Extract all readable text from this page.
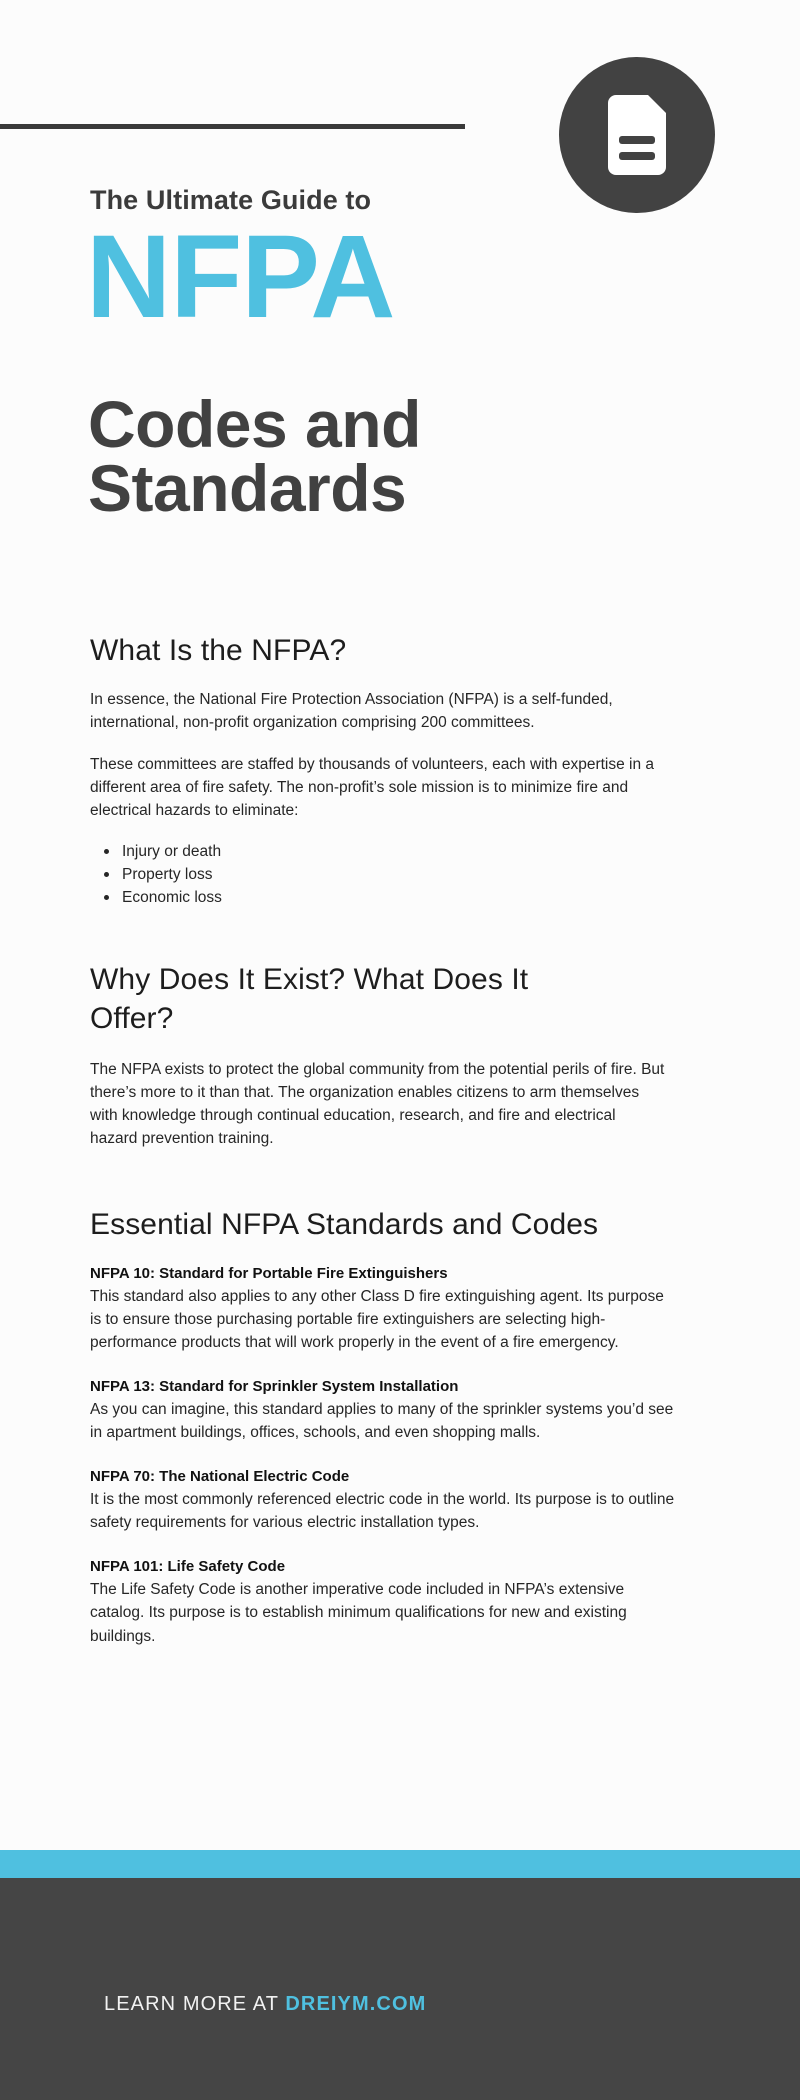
The Ultimate Guide to
NFPA
Codes and
Standards
What Is the NFPA?

In essence, the National Fire Protection Association (NFPA) is a self-funded, international, non-profit organization comprising 200 committees.

These committees are staffed by thousands of volunteers, each with expertise in a different area of fire safety. The non-profit’s sole mission is to minimize fire and electrical hazards to eliminate:

Injury or death
Property loss
Economic loss
Why Does It Exist? What Does It Offer?

The NFPA exists to protect the global community from the potential perils of fire. But there’s more to it than that. The organization enables citizens to arm themselves with knowledge through continual education, research, and fire and electrical hazard prevention training.

Essential NFPA Standards and Codes
NFPA 10: Standard for Portable Fire Extinguishers
This standard also applies to any other Class D fire extinguishing agent. Its purpose is to ensure those purchasing portable fire extinguishers are selecting high-performance products that will work properly in the event of a fire emergency.
NFPA 13: Standard for Sprinkler System Installation
As you can imagine, this standard applies to many of the sprinkler systems you’d see in apartment buildings, offices, schools, and even shopping malls.
NFPA 70: The National Electric Code
It is the most commonly referenced electric code in the world. Its purpose is to outline safety requirements for various electric installation types.
NFPA 101: Life Safety Code
The Life Safety Code is another imperative code included in NFPA’s extensive catalog. Its purpose is to establish minimum qualifications for new and existing buildings.
LEARN MORE AT DREIYM.COM
